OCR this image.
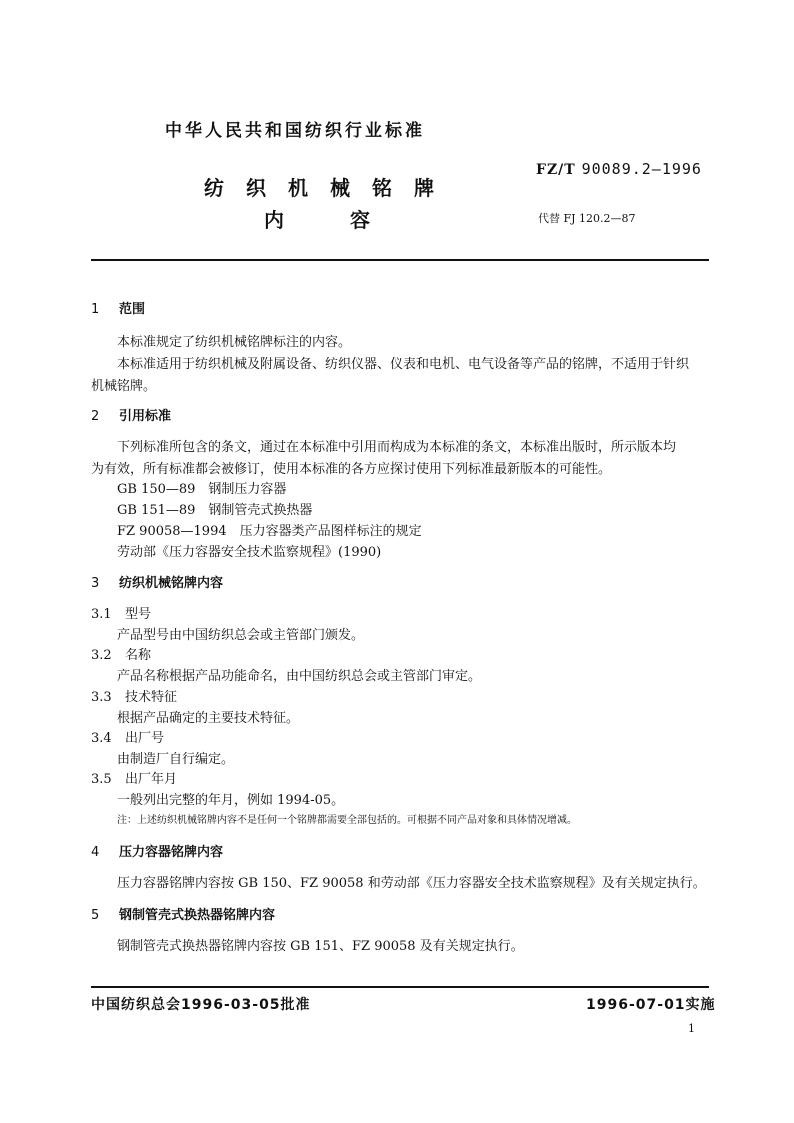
中华人民共和国纺织行业标准
纺织机械铭牌
内容
FZ/T 90089.2—1996
代替 FJ 120.2—87
1 范围
本标准规定了纺织机械铭牌标注的内容。
本标准适用于纺织机械及附属设备、纺织仪器、仪表和电机、电气设备等产品的铭牌，不适用于针织
机械铭牌。
2 引用标准
下列标准所包含的条文，通过在本标准中引用而构成为本标准的条文，本标准出版时，所示版本均
为有效，所有标准都会被修订，使用本标准的各方应探讨使用下列标准最新版本的可能性。
GB 150—89　钢制压力容器
GB 151—89　钢制管壳式换热器
FZ 90058—1994　压力容器类产品图样标注的规定
劳动部《压力容器安全技术监察规程》(1990)
3 纺织机械铭牌内容
3.1 型号
产品型号由中国纺织总会或主管部门颁发。
3.2 名称
产品名称根据产品功能命名，由中国纺织总会或主管部门审定。
3.3 技术特征
根据产品确定的主要技术特征。
3.4 出厂号
由制造厂自行编定。
3.5 出厂年月
一般列出完整的年月，例如 1994-05。
注：上述纺织机械铭牌内容不是任何一个铭牌都需要全部包括的。可根据不同产品对象和具体情况增减。
4 压力容器铭牌内容
压力容器铭牌内容按 GB 150、FZ 90058 和劳动部《压力容器安全技术监察规程》及有关规定执行。
5 钢制管壳式换热器铭牌内容
钢制管壳式换热器铭牌内容按 GB 151、FZ 90058 及有关规定执行。
中国纺织总会1996-03-05批准	1996-07-01实施
1
